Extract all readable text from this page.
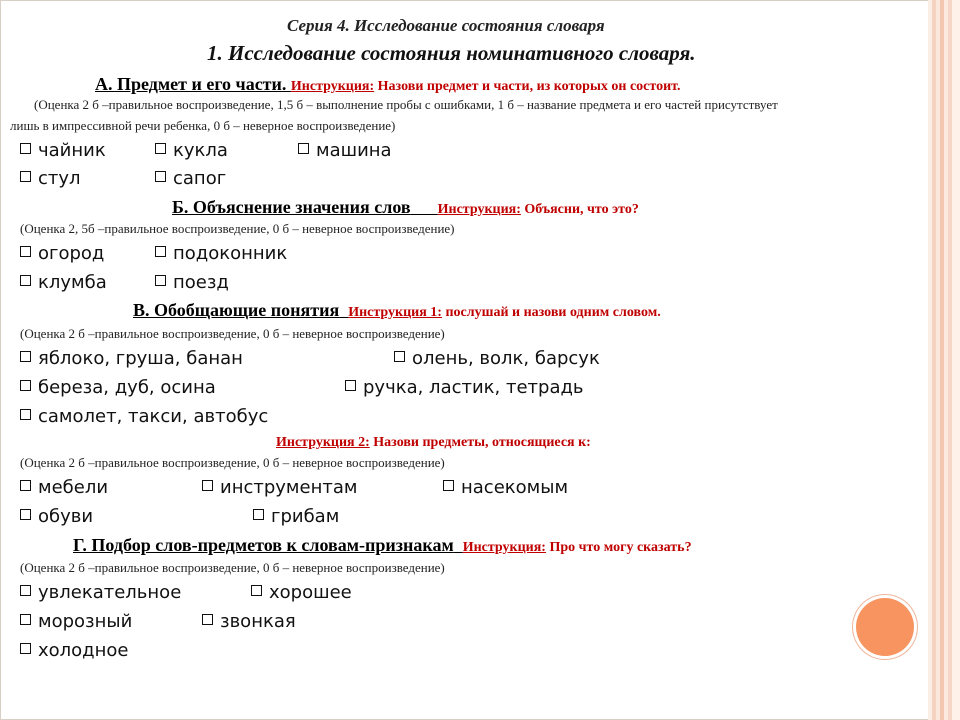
Серия 4. Исследование состояния словаря
1. Исследование состояния номинативного словаря.
А. Предмет и его части. Инструкция: Назови предмет и части, из которых он состоит.
(Оценка 2 б –правильное воспроизведение, 1,5 б – выполнение пробы с ошибками, 1 б – название предмета и его частей присутствует
лишь в импрессивной речи ребенка, 0 б – неверное воспроизведение)
чайник	кукла	машина
стул	сапог
Б. Объяснение значения слов Инструкция: Объясни, что это?
(Оценка 2, 5б –правильное воспроизведение, 0 б – неверное воспроизведение)
огород	подоконник
клумба	поезд
В. Обобщающие понятия Инструкция 1: послушай и назови одним словом.
(Оценка 2 б –правильное воспроизведение, 0 б – неверное воспроизведение)
яблоко, груша, банан	олень, волк, барсук
береза, дуб, осина	ручка, ластик, тетрадь
самолет, такси, автобус
Инструкция 2: Назови предметы, относящиеся к:
(Оценка 2 б –правильное воспроизведение, 0 б – неверное воспроизведение)
мебели	инструментам	насекомым
обуви	грибам
Г. Подбор слов-предметов к словам-признакам Инструкция: Про что могу сказать?
(Оценка 2 б –правильное воспроизведение, 0 б – неверное воспроизведение)
увлекательное	хорошее
морозный	звонкая
холодное
